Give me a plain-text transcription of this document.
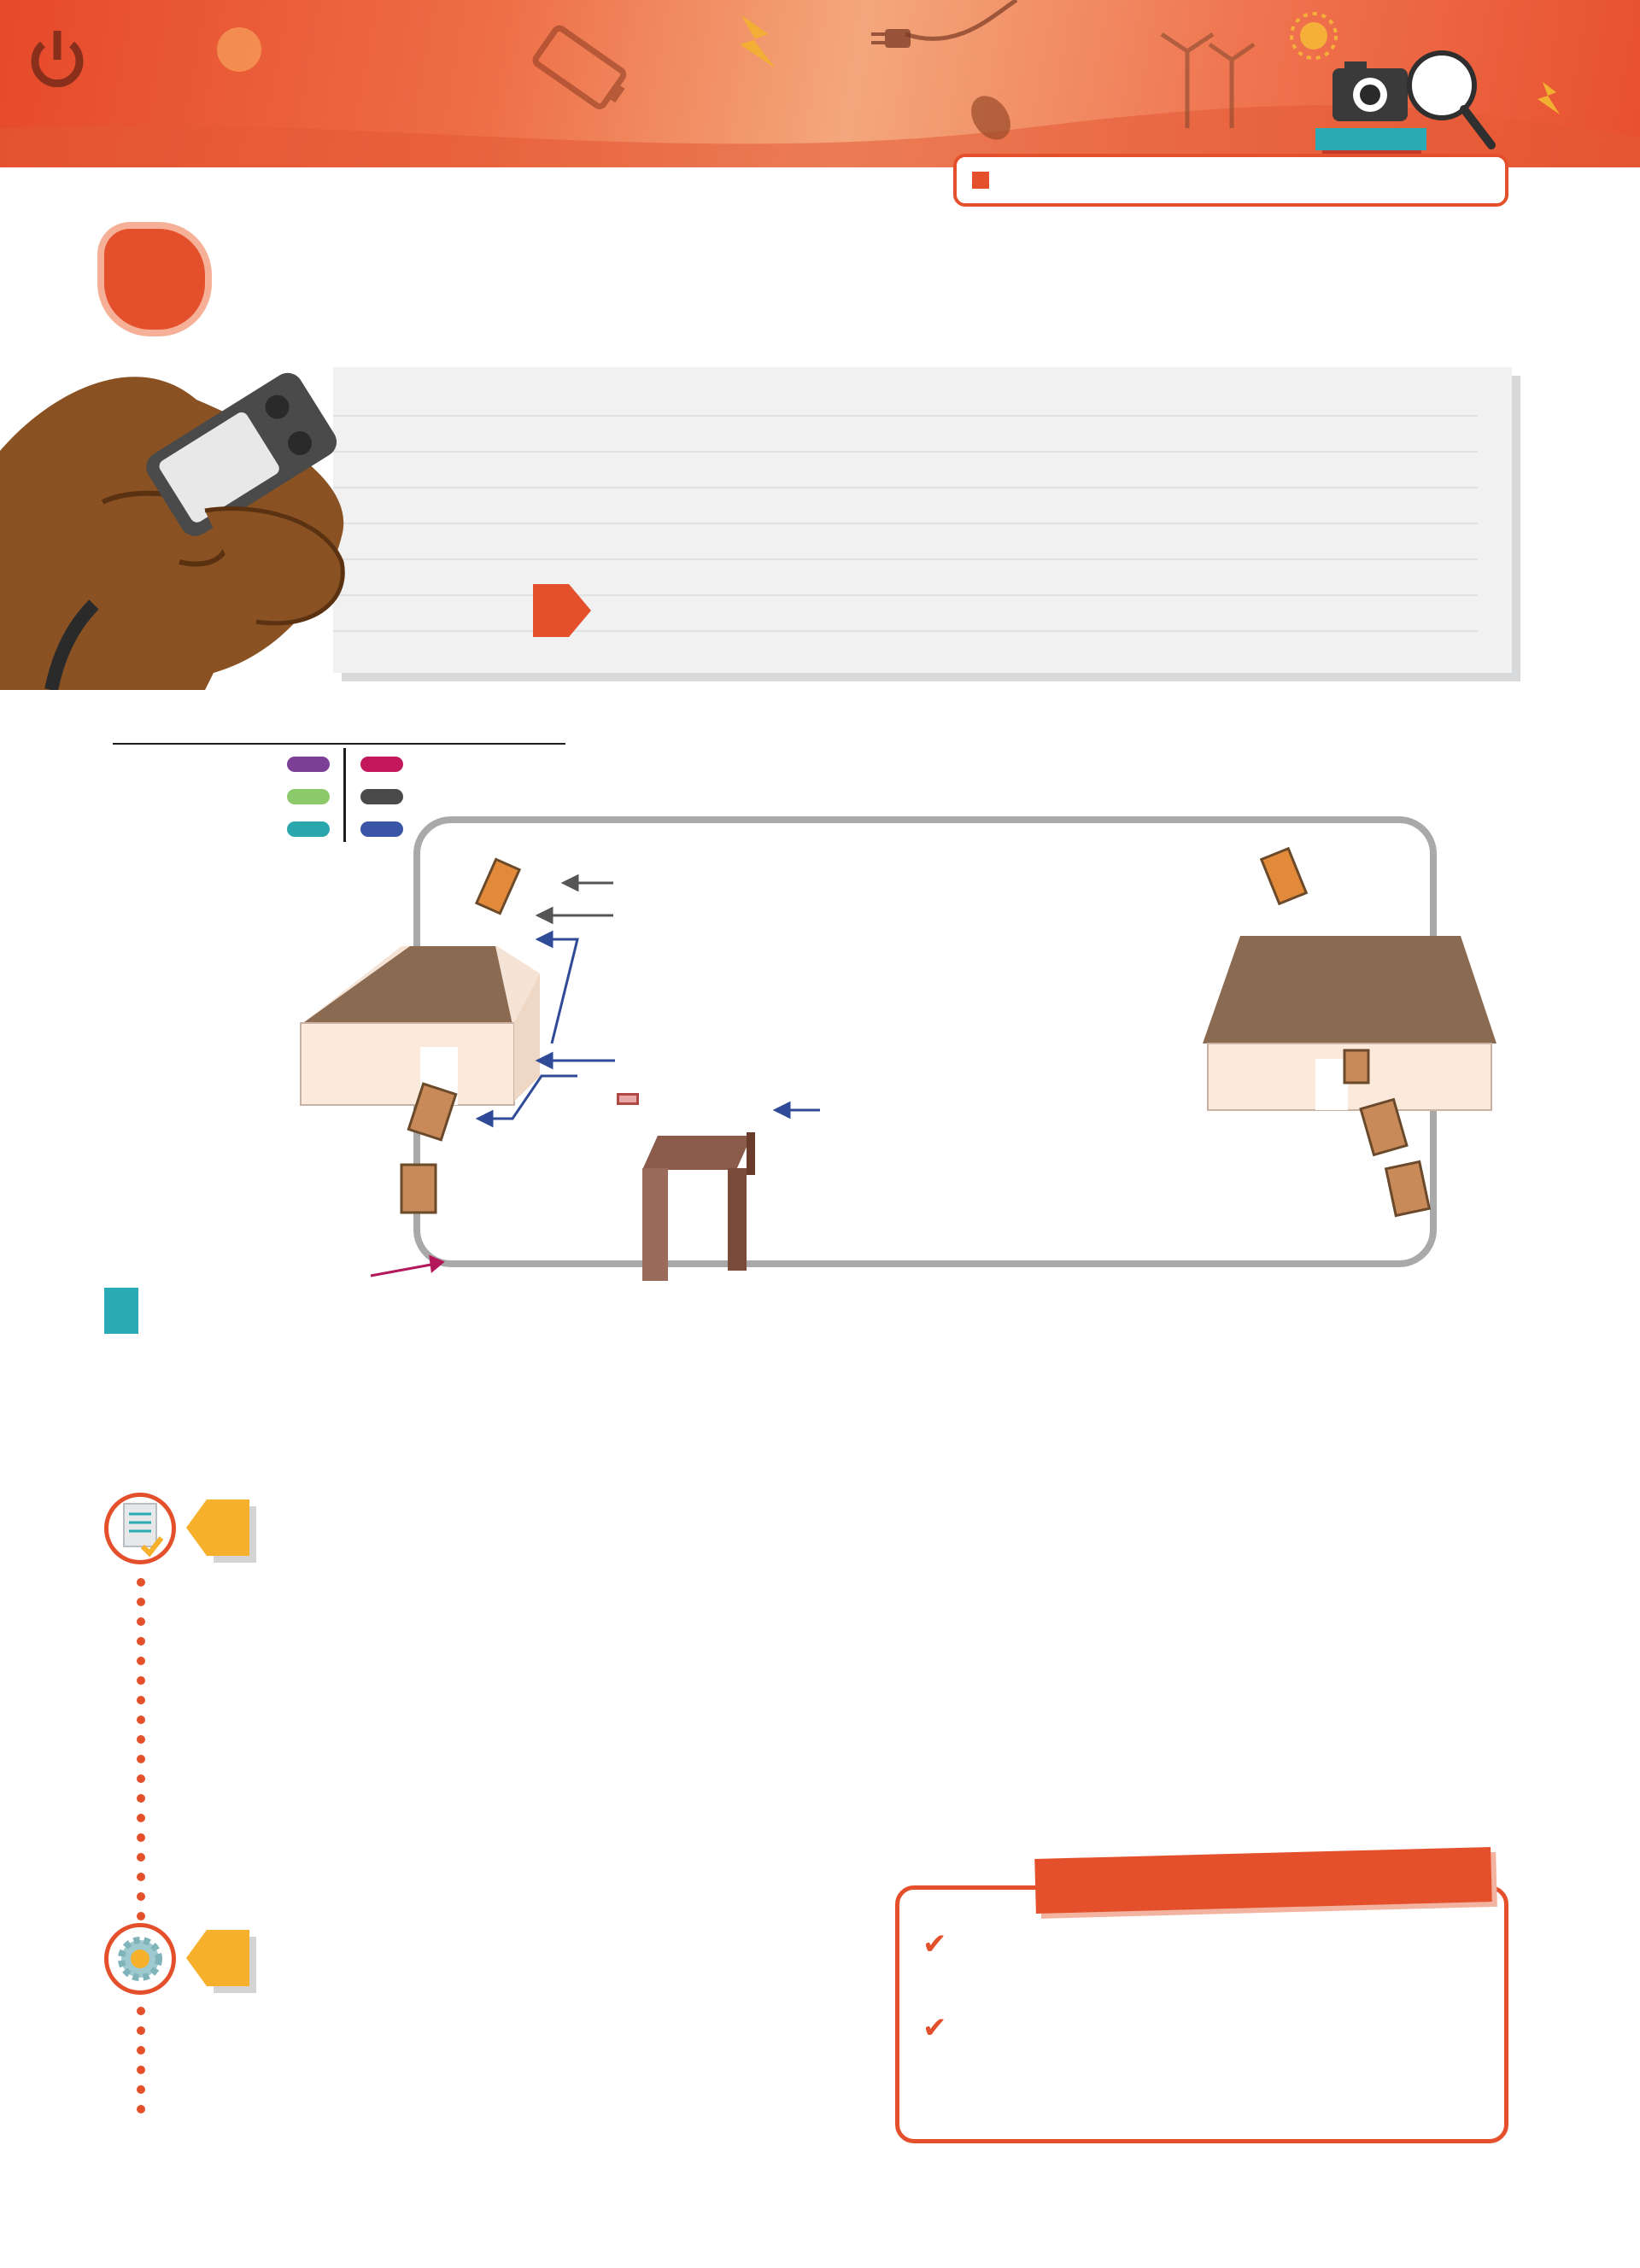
✔
✔
